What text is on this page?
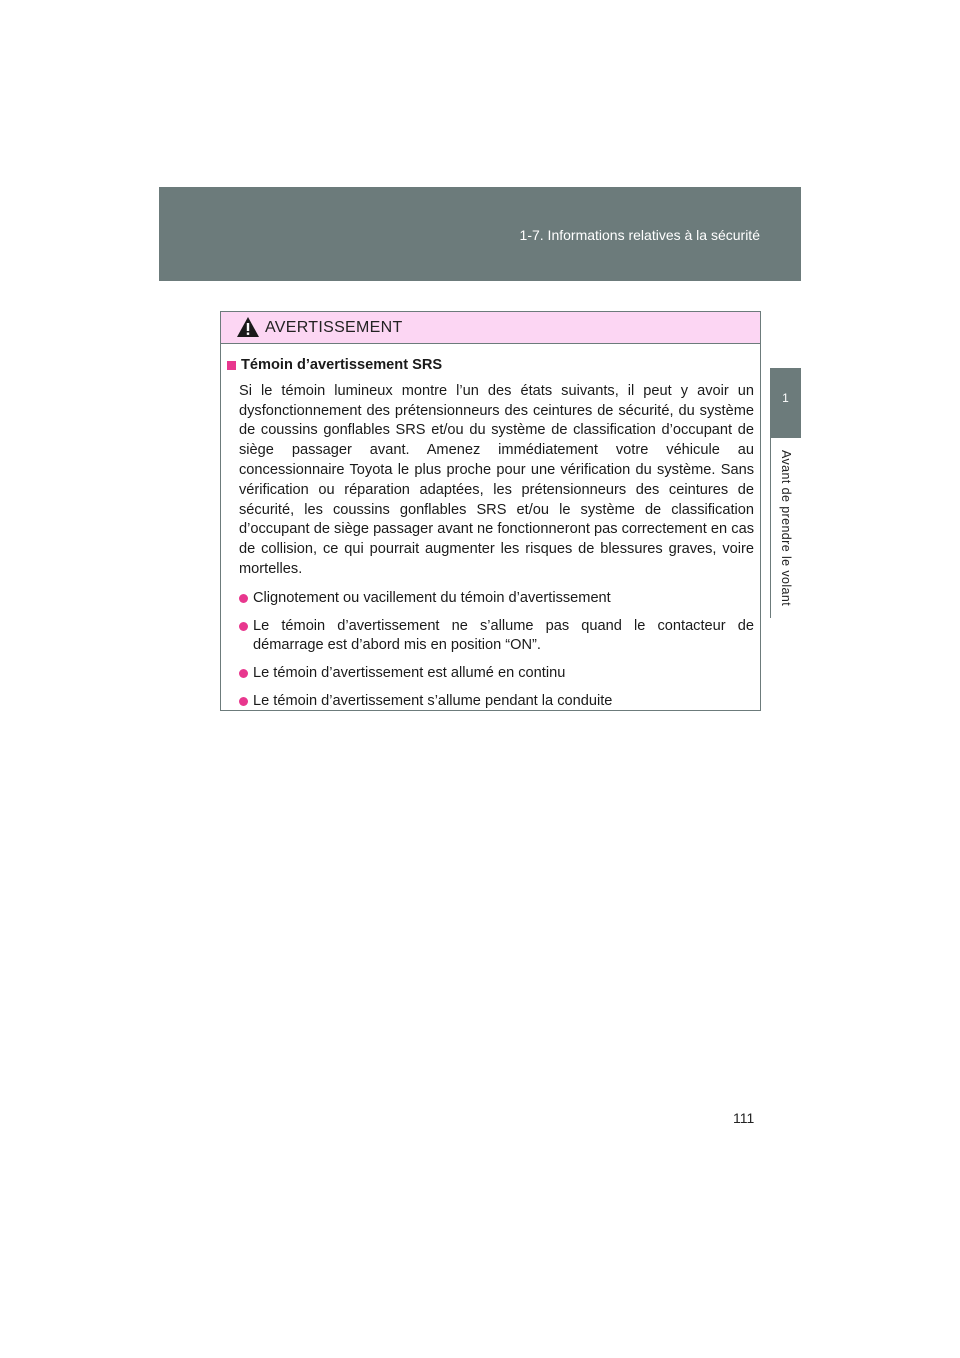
1-7. Informations relatives à la sécurité
1
Avant de prendre le volant
AVERTISSEMENT
Témoin d’avertissement SRS
Si le témoin lumineux montre l’un des états suivants, il peut y avoir un dysfonctionnement des prétensionneurs des ceintures de sécurité, du système de coussins gonflables SRS et/ou du système de classification d’occupant de siège passager avant. Amenez immédiatement votre véhicule au concessionnaire Toyota le plus proche pour une vérification du système. Sans vérification ou réparation adaptées, les prétensionneurs des ceintures de sécurité, les coussins gonflables SRS et/ou le système de classification d’occupant de siège passager avant ne fonctionneront pas correctement en cas de collision, ce qui pourrait augmenter les risques de blessures graves, voire mortelles.
Clignotement ou vacillement du témoin d’avertissement
Le témoin d’avertissement ne s’allume pas quand le contacteur de démarrage est d’abord mis en position “ON”.
Le témoin d’avertissement est allumé en continu
Le témoin d’avertissement s’allume pendant la conduite
111
